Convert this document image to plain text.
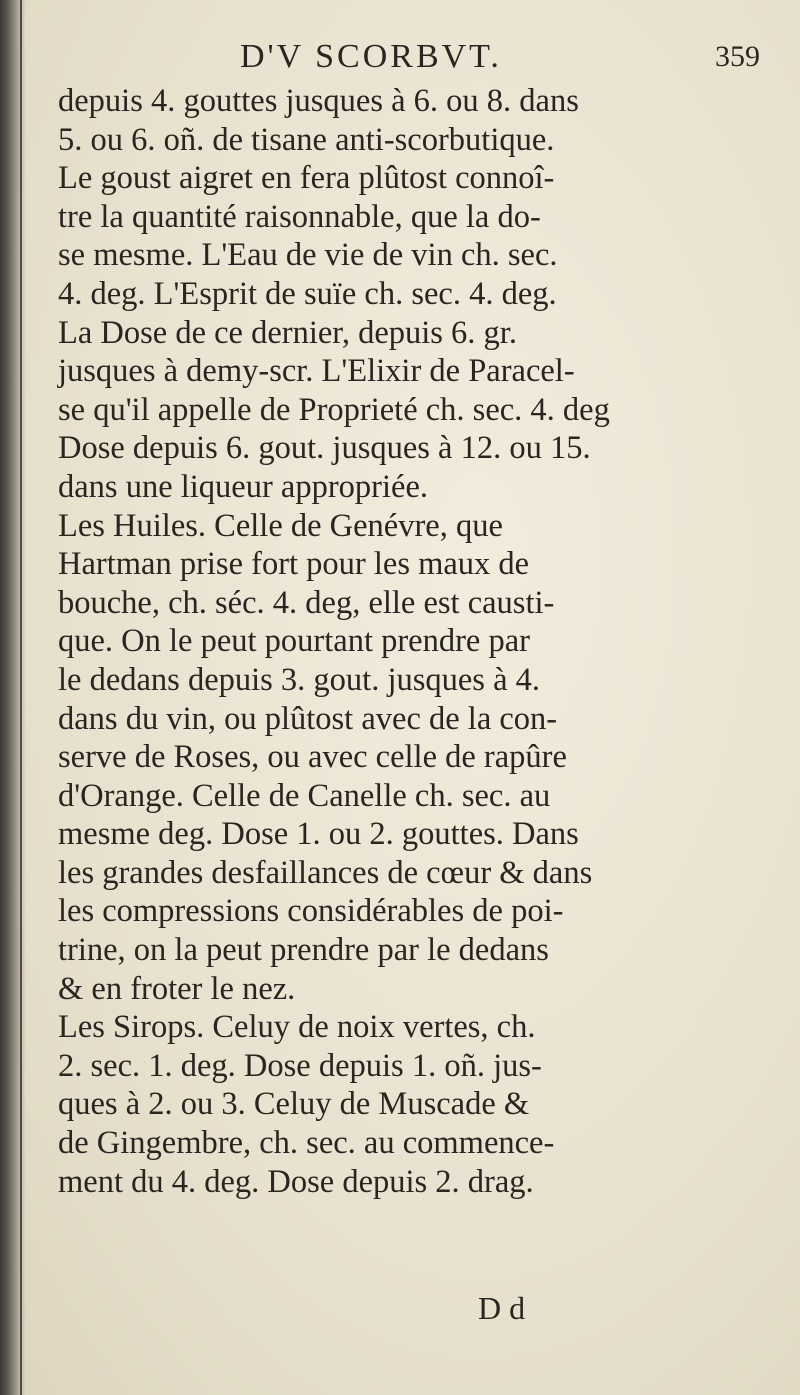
D'V SCORBVT.	359
depuis 4. gouttes jusques à 6. ou 8. dans
5. ou 6. oñ. de tisane anti-scorbutique.
Le goust aigret en fera plûtost connoî-
tre la quantité raisonnable, que la do-
se mesme. L'Eau de vie de vin ch. sec.
4. deg. L'Esprit de suïe ch. sec. 4. deg.
La Dose de ce dernier, depuis 6. gr.
jusques à demy-scr. L'Elixir de Paracel-
se qu'il appelle de Proprieté ch. sec. 4. deg
Dose depuis 6. gout. jusques à 12. ou 15.
dans une liqueur appropriée.
Les Huiles. Celle de Genévre, que
Hartman prise fort pour les maux de
bouche, ch. séc. 4. deg, elle est causti-
que. On le peut pourtant prendre par
le dedans depuis 3. gout. jusques à 4.
dans du vin, ou plûtost avec de la con-
serve de Roses, ou avec celle de rapûre
d'Orange. Celle de Canelle ch. sec. au
mesme deg. Dose 1. ou 2. gouttes. Dans
les grandes desfaillances de cœur & dans
les compressions considérables de poi-
trine, on la peut prendre par le dedans
& en froter le nez.
Les Sirops. Celuy de noix vertes, ch.
2. sec. 1. deg. Dose depuis 1. oñ. jus-
ques à 2. ou 3. Celuy de Muscade &
de Gingembre, ch. sec. au commence-
ment du 4. deg. Dose depuis 2. drag.
D d
